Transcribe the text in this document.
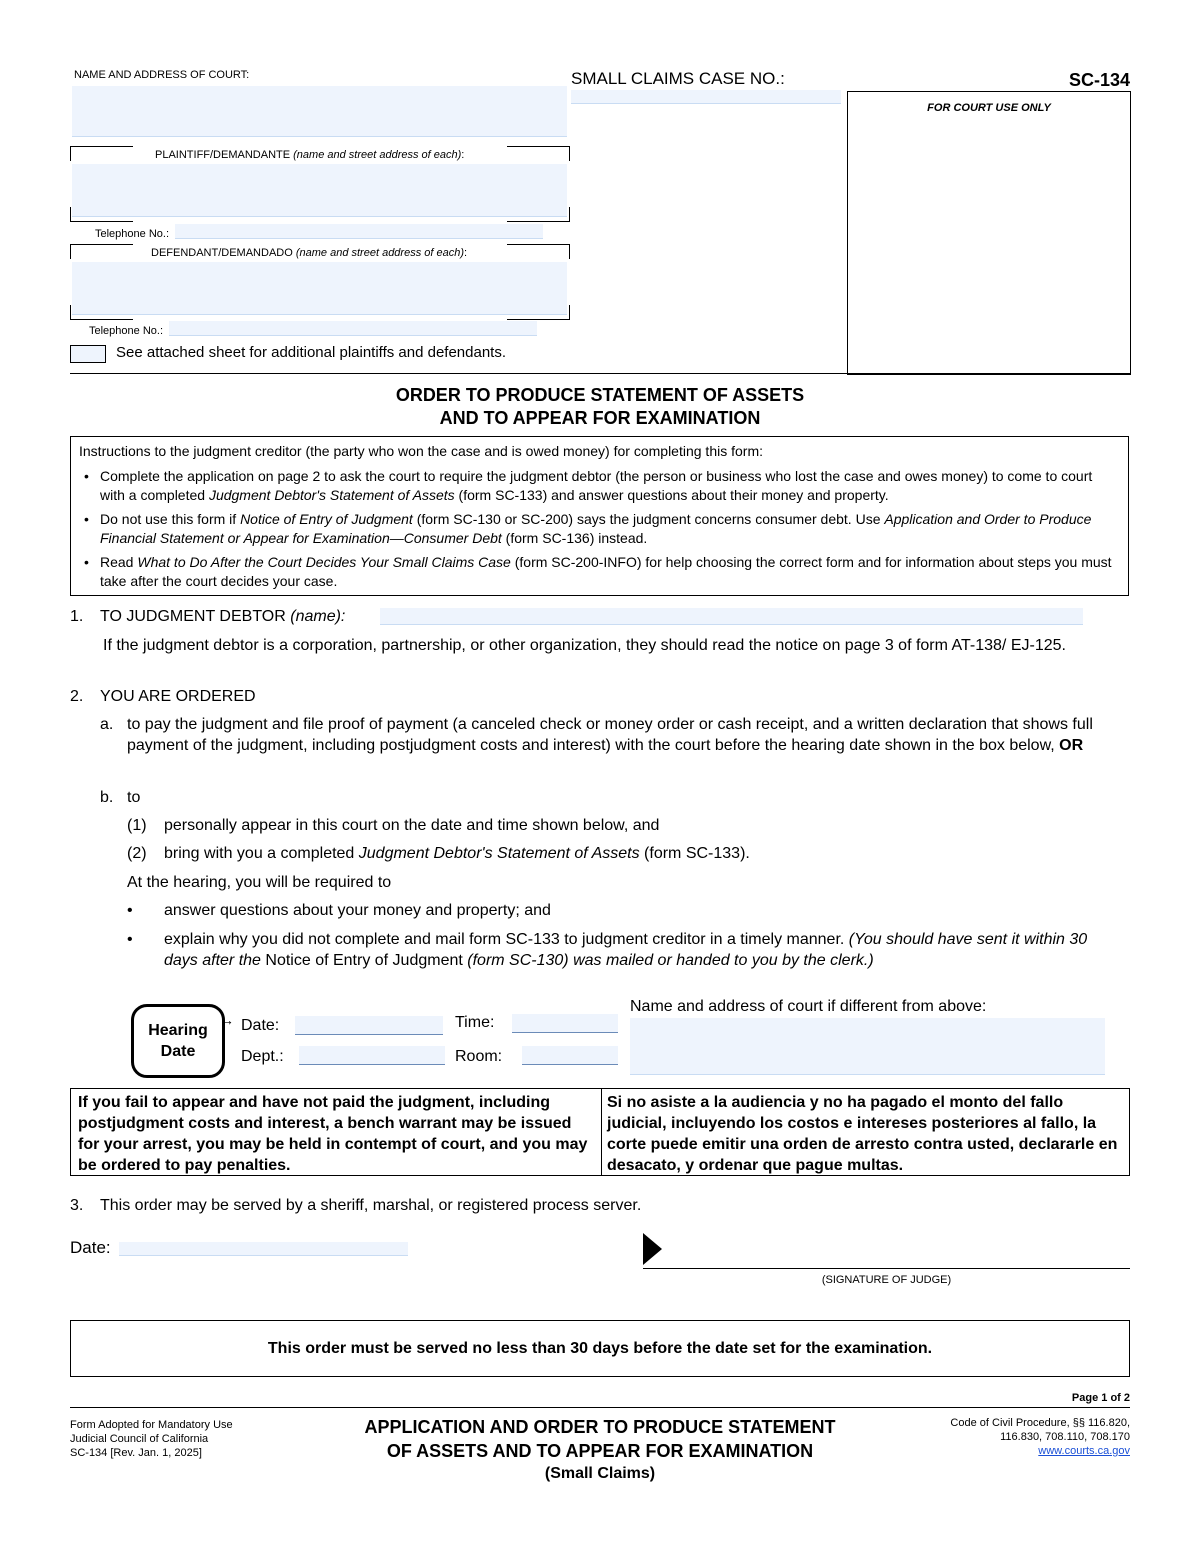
NAME AND ADDRESS OF COURT:	SMALL CLAIMS CASE NO.:	SC-134
FOR COURT USE ONLY
PLAINTIFF/DEMANDANTE (name and street address of each):
Telephone No.:
DEFENDANT/DEMANDADO (name and street address of each):
Telephone No.:
See attached sheet for additional plaintiffs and defendants.
ORDER TO PRODUCE STATEMENT OF ASSETS
AND TO APPEAR FOR EXAMINATION
Instructions to the judgment creditor (the party who won the case and is owed money) for completing this form:
• Complete the application on page 2 to ask the court to require the judgment debtor (the person or business who lost the case and owes money) to come to court with a completed Judgment Debtor's Statement of Assets (form SC-133) and answer questions about their money and property.
• Do not use this form if Notice of Entry of Judgment (form SC-130 or SC-200) says the judgment concerns consumer debt. Use Application and Order to Produce Financial Statement or Appear for Examination—Consumer Debt (form SC-136) instead.
• Read What to Do After the Court Decides Your Small Claims Case (form SC-200-INFO) for help choosing the correct form and for information about steps you must take after the court decides your case.
1. TO JUDGMENT DEBTOR (name):
If the judgment debtor is a corporation, partnership, or other organization, they should read the notice on page 3 of form AT-138/ EJ-125.
2. YOU ARE ORDERED
a. to pay the judgment and file proof of payment (a canceled check or money order or cash receipt, and a written declaration that shows full payment of the judgment, including postjudgment costs and interest) with the court before the hearing date shown in the box below, OR
b. to
(1) personally appear in this court on the date and time shown below, and
(2) bring with you a completed Judgment Debtor's Statement of Assets (form SC-133).
At the hearing, you will be required to
• answer questions about your money and property; and
• explain why you did not complete and mail form SC-133 to judgment creditor in a timely manner. (You should have sent it within 30 days after the Notice of Entry of Judgment (form SC-130) was mailed or handed to you by the clerk.)
Hearing
Date
→ Date:	Time:
Dept.:	Room:
Name and address of court if different from above:
If you fail to appear and have not paid the judgment, including postjudgment costs and interest, a bench warrant may be issued for your arrest, you may be held in contempt of court, and you may be ordered to pay penalties.
Si no asiste a la audiencia y no ha pagado el monto del fallo judicial, incluyendo los costos e intereses posteriores al fallo, la corte puede emitir una orden de arresto contra usted, declararle en desacato, y ordenar que pague multas.
3. This order may be served by a sheriff, marshal, or registered process server.
Date:
(SIGNATURE OF JUDGE)
This order must be served no less than 30 days before the date set for the examination.
Page 1 of 2
Form Adopted for Mandatory Use
Judicial Council of California
SC-134 [Rev. Jan. 1, 2025]
APPLICATION AND ORDER TO PRODUCE STATEMENT
OF ASSETS AND TO APPEAR FOR EXAMINATION
(Small Claims)
Code of Civil Procedure, §§ 116.820,
116.830, 708.110, 708.170
www.courts.ca.gov
